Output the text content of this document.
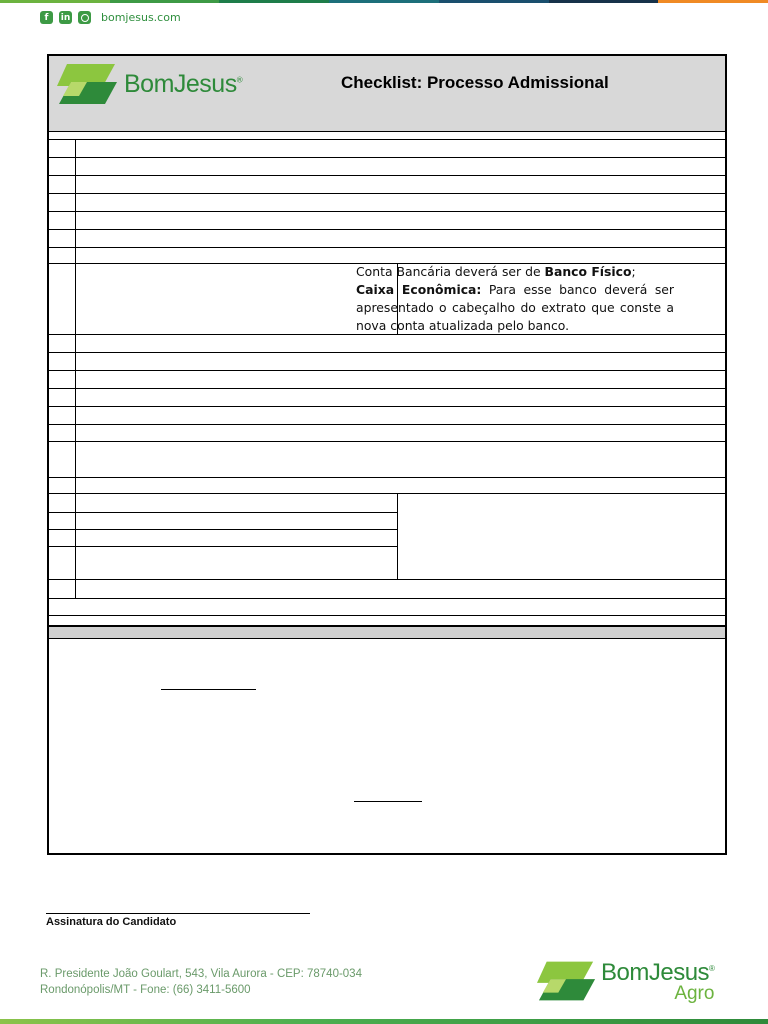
f	in	bomjesus.com
BomJesus®	Checklist: Processo Admissional
Conta Bancária deverá ser de Banco Físico;
Caixa Econômica: Para esse banco deverá ser apresentado o cabeçalho do extrato que conste a nova conta atualizada pelo banco.
Assinatura do Candidato
R. Presidente João Goulart, 543, Vila Aurora - CEP: 78740-034
Rondonópolis/MT - Fone: (66) 3411-5600
BomJesus®
Agro
